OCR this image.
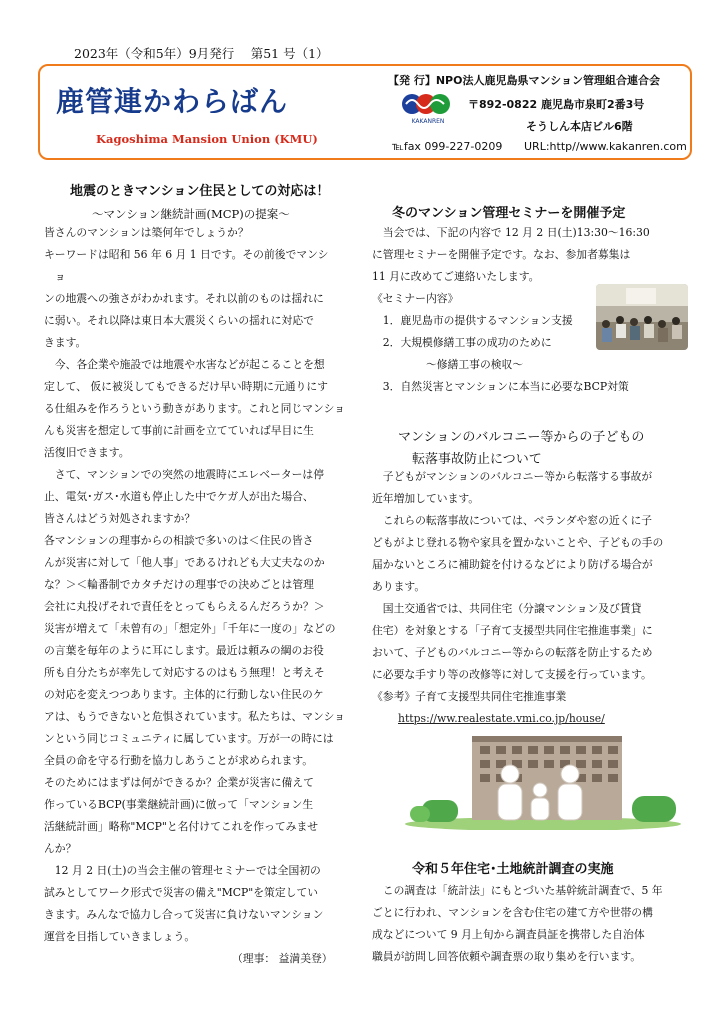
2023年（令和5年）9月発行　 第51 号（1）
鹿管連かわらばん
Kagoshima Mansion Union (KMU)
【発 行】NPO法人鹿児島県マンション管理組合連合会
KAKANREN
〒892-0822 鹿児島市泉町2番3号
そうしん本店ビル6階
℡fax 099-227-0209 URL:http//www.kakanren.com
地震のときマンション住民としての対応は！
～マンション継続計画(MCP)の提案～

皆さんのマンションは築何年でしょうか？

キーワードは昭和 56 年 6 月 1 日です。その前後でマンシ

　ョ

ンの地震への強さがわかれます。それ以前のものは揺れに

に弱い。それ以降は東日本大震災くらいの揺れに対応で

きます。

　今、各企業や施設では地震や水害などが起こることを想

定して、 仮に被災してもできるだけ早い時期に元通りにす

る仕組みを作ろうという動きがあります。これと同じマンショ

んも災害を想定して事前に計画を立てていれば早目に生

活復旧できます。

　さて、マンションでの突然の地震時にエレベーターは停

止、電気･ガス･水道も停止した中でケガ人が出た場合、

皆さんはどう対処されますか？

各マンションの理事からの相談で多いのは＜住民の皆さ

んが災害に対して「他人事」であるけれども大丈夫なのか

な？＞＜輪番制でカタチだけの理事での決めごとは管理

会社に丸投げそれで責任をとってもらえるんだろうか？＞

災害が増えて「未曾有の」「想定外」「千年に一度の」などの

の言葉を毎年のように耳にします。最近は頼みの綱のお役

所も自分たちが率先して対応するのはもう無理！と考えそ

の対応を変えつつあります。主体的に行動しない住民のケ

アは、もうできないと危惧されています。私たちは、マンショ

ンという同じコミュニティに属しています。万が一の時には

全員の命を守る行動を協力しあうことが求められます。

そのためにはまずは何ができるか？企業が災害に備えて

作っているBCP(事業継続計画)に倣って「マンション生

活継続計画」略称"MCP"と名付けてこれを作ってみませ

んか？

　12 月 2 日(土)の当会主催の管理セミナーでは全国初の

試みとしてワーク形式で災害の備え"MCP"を策定してい

きます。みんなで協力し合って災害に負けないマンション

運営を目指していきましょう。

（理事： 益満美登）
冬のマンション管理セミナーを開催予定

　当会では、下記の内容で 12 月 2 日(土)13:30～16:30

に管理セミナーを開催予定です。なお、参加者募集は

11 月に改めてご連絡いたします。

《セミナー内容》

　1．鹿児島市の提供するマンション支援

　2．大規模修繕工事の成功のために

　　　　　～修繕工事の検収～

　3．自然災害とマンションに本当に必要なBCP対策

マンションのバルコニー等からの子どもの
転落事故防止について

　子どもがマンションのバルコニー等から転落する事故が

近年増加しています。

　これらの転落事故については、ベランダや窓の近くに子

どもがよじ登れる物や家具を置かないことや、子どもの手の

届かないところに補助錠を付けるなどにより防げる場合が

あります。

　国土交通省では、共同住宅（分譲マンション及び賃貸

住宅）を対象とする「子育て支援型共同住宅推進事業」に

おいて、子どものバルコニー等からの転落を防止するため

に必要な手すり等の改修等に対して支援を行っています。

《参考》子育て支援型共同住宅推進事業

https://ww.realestate.vmi.co.jp/house/
令和５年住宅･土地統計調査の実施

　この調査は「統計法」にもとづいた基幹統計調査で、5 年

ごとに行われ、マンションを含む住宅の建て方や世帯の構

成などについて 9 月上旬から調査員証を携帯した自治体

職員が訪問し回答依頼や調査票の取り集めを行います。
